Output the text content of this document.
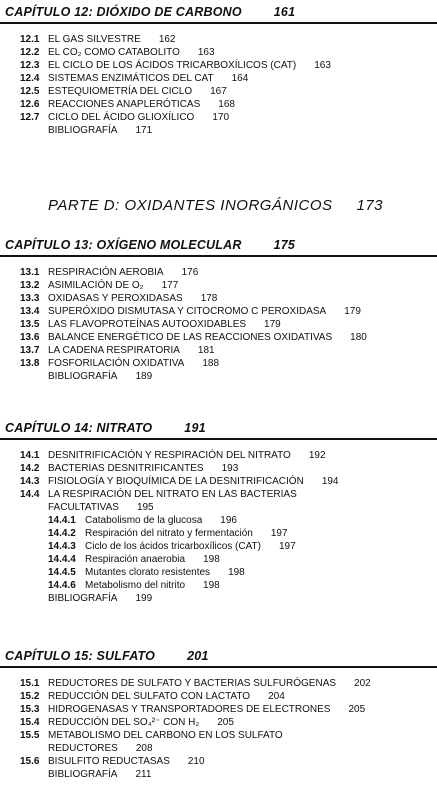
CAPÍTULO 12: DIÓXIDO DE CARBONO	161
12.1 EL GAS SILVESTRE 162
12.2 EL CO₂ COMO CATABOLITO 163
12.3 EL CICLO DE LOS ÁCIDOS TRICARBOXÍLICOS (CAT) 163
12.4 SISTEMAS ENZIMÁTICOS DEL CAT 164
12.5 ESTEQUIOMETRÍA DEL CICLO 167
12.6 REACCIONES ANAPLERÓTICAS 168
12.7 CICLO DEL ÁCIDO GLIOXÍLICO 170
BIBLIOGRAFÍA 171
PARTE D: OXIDANTES INORGÁNICOS 173
CAPÍTULO 13: OXÍGENO MOLECULAR	175
13.1 RESPIRACIÓN AEROBIA 176
13.2 ASIMILACIÓN DE O₂ 177
13.3 OXIDASAS Y PEROXIDASAS 178
13.4 SUPERÓXIDO DISMUTASA Y CITOCROMO C PEROXIDASA 179
13.5 LAS FLAVOPROTEÍNAS AUTOOXIDABLES 179
13.6 BALANCE ENERGÉTICO DE LAS REACCIONES OXIDATIVAS 180
13.7 LA CADENA RESPIRATORIA 181
13.8 FOSFORILACIÓN OXIDATIVA 188
BIBLIOGRAFÍA 189
CAPÍTULO 14: NITRATO	191
14.1 DESNITRIFICACIÓN Y RESPIRACIÓN DEL NITRATO 192
14.2 BACTERIAS DESNITRIFICANTES 193
14.3 FISIOLOGÍA Y BIOQUÍMICA DE LA DESNITRIFICACIÓN 194
14.4 LA RESPIRACIÓN DEL NITRATO EN LAS BACTERIAS
FACULTATIVAS 195
14.4.1 Catabolismo de la glucosa 196
14.4.2 Respiración del nitrato y fermentación 197
14.4.3 Ciclo de los ácidos tricarboxílicos (CAT) 197
14.4.4 Respiración anaerobia 198
14.4.5 Mutantes clorato resistentes 198
14.4.6 Metabolismo del nitrito 198
BIBLIOGRAFÍA 199
CAPÍTULO 15: SULFATO	201
15.1 REDUCTORES DE SULFATO Y BACTERIAS SULFURÓGENAS 202
15.2 REDUCCIÓN DEL SULFATO CON LACTATO 204
15.3 HIDROGENASAS Y TRANSPORTADORES DE ELECTRONES 205
15.4 REDUCCIÓN DEL SO₄²⁻ CON H₂ 205
15.5 METABOLISMO DEL CARBONO EN LOS SULFATO
REDUCTORES 208
15.6 BISULFITO REDUCTASAS 210
BIBLIOGRAFÍA 211
